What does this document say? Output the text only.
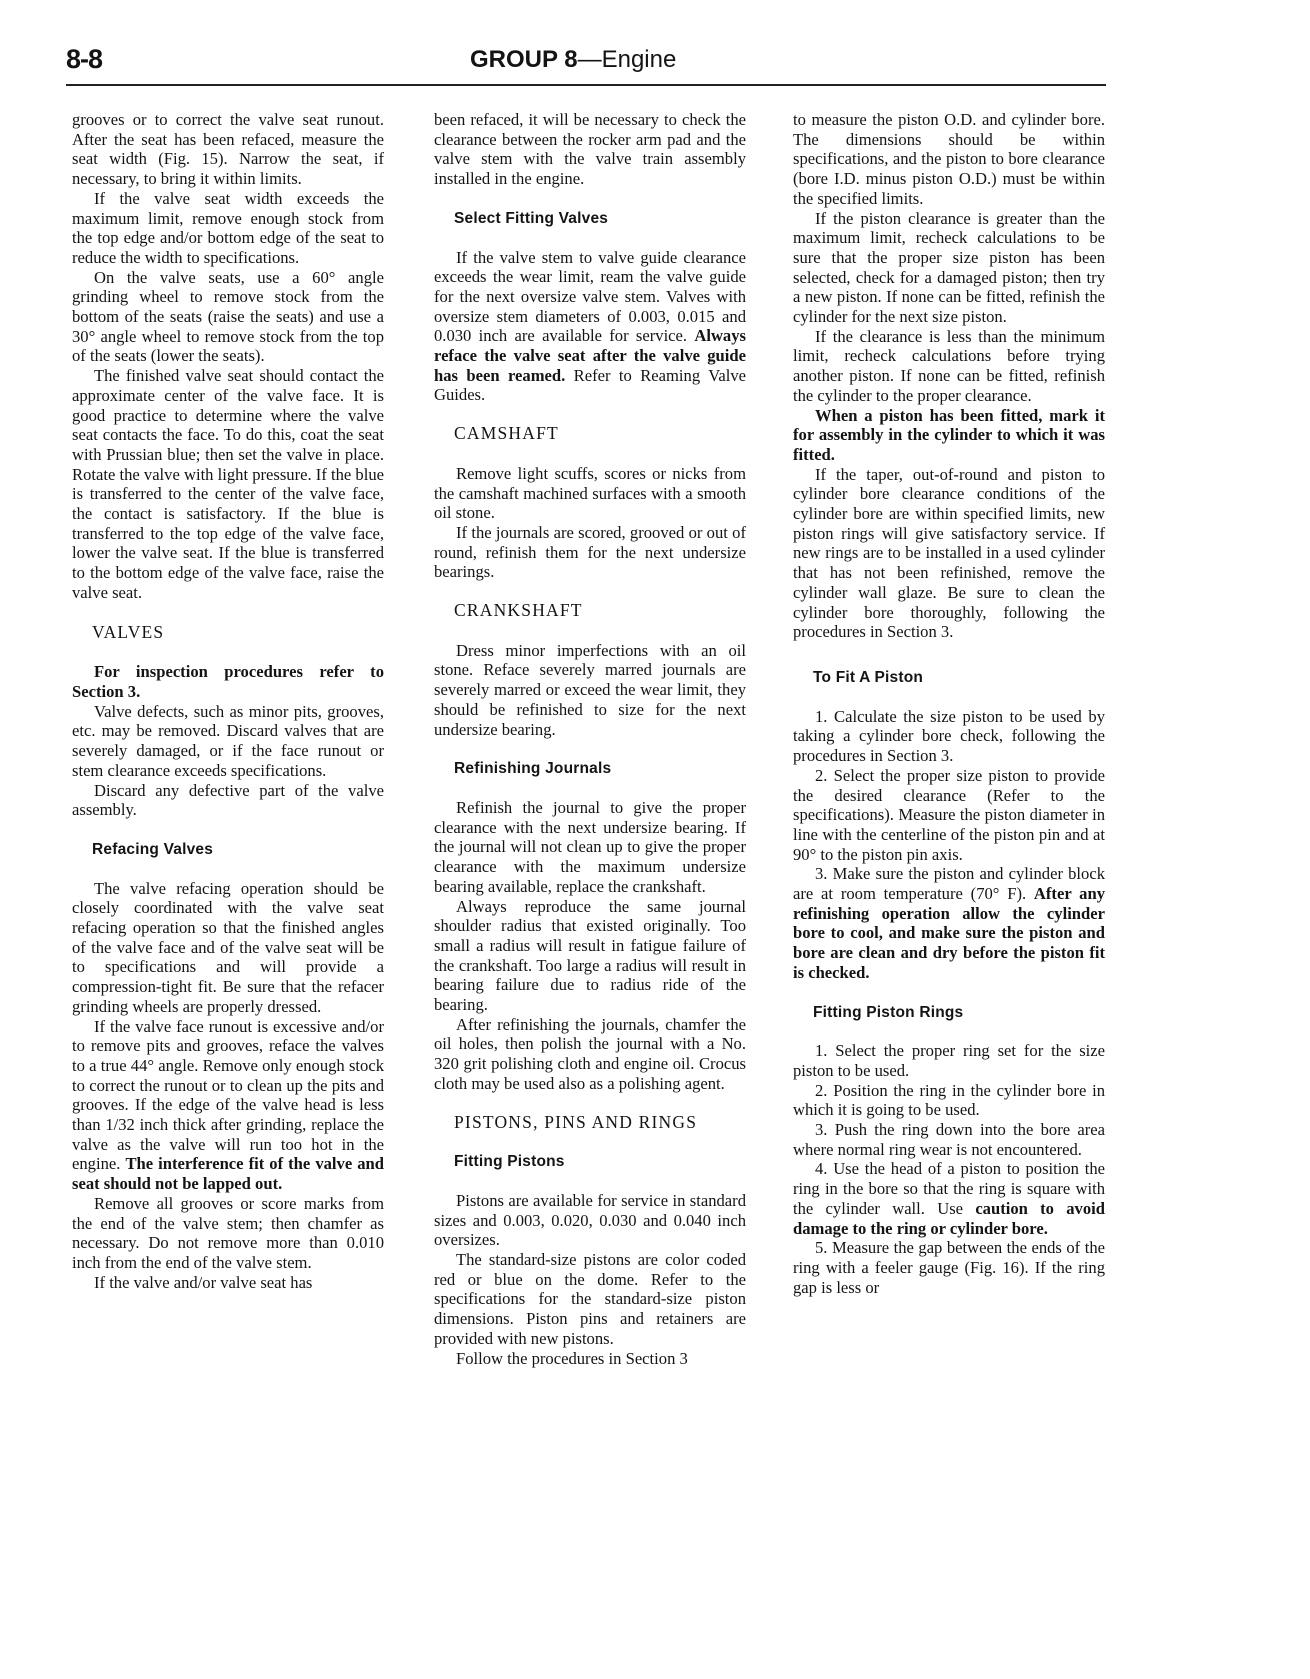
8-8	GROUP 8—Engine

grooves or to correct the valve seat runout. After the seat has been refaced, measure the seat width (Fig. 15). Narrow the seat, if necessary, to bring it within limits.

If the valve seat width exceeds the maximum limit, remove enough stock from the top edge and/or bottom edge of the seat to reduce the width to specifications.

On the valve seats, use a 60° angle grinding wheel to remove stock from the bottom of the seats (raise the seats) and use a 30° angle wheel to remove stock from the top of the seats (lower the seats).

The finished valve seat should contact the approximate center of the valve face. It is good practice to determine where the valve seat contacts the face. To do this, coat the seat with Prussian blue; then set the valve in place. Rotate the valve with light pressure. If the blue is transferred to the center of the valve face, the contact is satisfactory. If the blue is transferred to the top edge of the valve face, lower the valve seat. If the blue is transferred to the bottom edge of the valve face, raise the valve seat.

VALVES

For inspection procedures refer to Section 3.

Valve defects, such as minor pits, grooves, etc. may be removed. Discard valves that are severely damaged, or if the face runout or stem clearance exceeds specifications.

Discard any defective part of the valve assembly.

Refacing Valves

The valve refacing operation should be closely coordinated with the valve seat refacing operation so that the finished angles of the valve face and of the valve seat will be to specifications and will provide a compression-tight fit. Be sure that the refacer grinding wheels are properly dressed.

If the valve face runout is excessive and/or to remove pits and grooves, reface the valves to a true 44° angle. Remove only enough stock to correct the runout or to clean up the pits and grooves. If the edge of the valve head is less than 1/32 inch thick after grinding, replace the valve as the valve will run too hot in the engine. The interference fit of the valve and seat should not be lapped out.

Remove all grooves or score marks from the end of the valve stem; then chamfer as necessary. Do not remove more than 0.010 inch from the end of the valve stem.

If the valve and/or valve seat has

been refaced, it will be necessary to check the clearance between the rocker arm pad and the valve stem with the valve train assembly installed in the engine.

Select Fitting Valves

If the valve stem to valve guide clearance exceeds the wear limit, ream the valve guide for the next oversize valve stem. Valves with oversize stem diameters of 0.003, 0.015 and 0.030 inch are available for service. Always reface the valve seat after the valve guide has been reamed. Refer to Reaming Valve Guides.

CAMSHAFT

Remove light scuffs, scores or nicks from the camshaft machined surfaces with a smooth oil stone.

If the journals are scored, grooved or out of round, refinish them for the next undersize bearings.

CRANKSHAFT

Dress minor imperfections with an oil stone. Reface severely marred journals are severely marred or exceed the wear limit, they should be refinished to size for the next undersize bearing.

Refinishing Journals

Refinish the journal to give the proper clearance with the next undersize bearing. If the journal will not clean up to give the proper clearance with the maximum undersize bearing available, replace the crankshaft.

Always reproduce the same journal shoulder radius that existed originally. Too small a radius will result in fatigue failure of the crankshaft. Too large a radius will result in bearing failure due to radius ride of the bearing.

After refinishing the journals, chamfer the oil holes, then polish the journal with a No. 320 grit polishing cloth and engine oil. Crocus cloth may be used also as a polishing agent.

PISTONS, PINS AND RINGS
Fitting Pistons

Pistons are available for service in standard sizes and 0.003, 0.020, 0.030 and 0.040 inch oversizes.

The standard-size pistons are color coded red or blue on the dome. Refer to the specifications for the standard-size piston dimensions. Piston pins and retainers are provided with new pistons.

Follow the procedures in Section 3

to measure the piston O.D. and cylinder bore. The dimensions should be within specifications, and the piston to bore clearance (bore I.D. minus piston O.D.) must be within the specified limits.

If the piston clearance is greater than the maximum limit, recheck calculations to be sure that the proper size piston has been selected, check for a damaged piston; then try a new piston. If none can be fitted, refinish the cylinder for the next size piston.

If the clearance is less than the minimum limit, recheck calculations before trying another piston. If none can be fitted, refinish the cylinder to the proper clearance.

When a piston has been fitted, mark it for assembly in the cylinder to which it was fitted.

If the taper, out-of-round and piston to cylinder bore clearance conditions of the cylinder bore are within specified limits, new piston rings will give satisfactory service. If new rings are to be installed in a used cylinder that has not been refinished, remove the cylinder wall glaze. Be sure to clean the cylinder bore thoroughly, following the procedures in Section 3.

To Fit A Piston

1. Calculate the size piston to be used by taking a cylinder bore check, following the procedures in Section 3.

2. Select the proper size piston to provide the desired clearance (Refer to the specifications). Measure the piston diameter in line with the centerline of the piston pin and at 90° to the piston pin axis.

3. Make sure the piston and cylinder block are at room temperature (70° F). After any refinishing operation allow the cylinder bore to cool, and make sure the piston and bore are clean and dry before the piston fit is checked.

Fitting Piston Rings

1. Select the proper ring set for the size piston to be used.

2. Position the ring in the cylinder bore in which it is going to be used.

3. Push the ring down into the bore area where normal ring wear is not encountered.

4. Use the head of a piston to position the ring in the bore so that the ring is square with the cylinder wall. Use caution to avoid damage to the ring or cylinder bore.

5. Measure the gap between the ends of the ring with a feeler gauge (Fig. 16). If the ring gap is less or
